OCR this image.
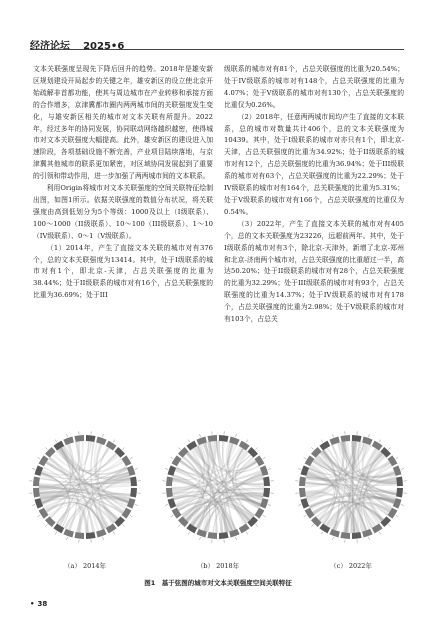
经济论坛 2025•6

文本关联强度呈现先下降后回升的趋势。2018年是雄安新区规划建设开局起步的关键之年，雄安新区的设立使北京开始疏解非首都功能，使其与周边城市在产业转移和承接方面的合作增多，京津冀都市圈内两两城市间的关联强度发生变化，与雄安新区相关的城市对文本关联有所提升。2022年，经过多年的协同发展，协同联动网络越织越密，使得城市对文本关联强度大幅提高。此外，雄安新区的建设进入加速阶段，各项基础设施不断完善，产业项目陆续落地，与京津冀其他城市的联系更加紧密，对区域协同发展起到了重要的引领和带动作用，进一步加强了两两城市间的文本联系。

利用Origin将城市对文本关联强度的空间关联特征绘制出图，如图1所示。依据关联强度的数值分布状况，将关联强度由高到低划分为5个等级：1000及以上（I级联系）、100～1000（II级联系）、10～100（III级联系）、1～10（IV级联系）、0～1（V级联系）。

（1）2014年，产生了直接文本关联的城市对有376个，总的文本关联强度为13414。其中，处于I级联系的城市对有1个，即北京-天津，占总关联强度的比重为38.44%；处于II级联系的城市对有16个，占总关联强度的比重为36.69%；处于III

级联系的城市对有81个，占总关联强度的比重为20.54%；处于IV级联系的城市对有148个，占总关联强度的比重为4.07%；处于V级联系的城市对有130个，占总关联强度的比重仅为0.26%。

（2）2018年，任意两两城市间均产生了直接的文本联系，总的城市对数量共计406个，总的文本关联强度为10439。其中，处于I级联系的城市对亦只有1个，即北京-天津，占总关联强度的比重为34.92%；处于II级联系的城市对有12个，占总关联强度的比重为36.94%；处于III级联系的城市对有63个，占总关联强度的比重为22.29%；处于IV级联系的城市对有164个，总关联强度的比重为5.31%；处于V级联系的城市对有166个，占总关联强度的比重仅为0.54%。

（3）2022年，产生了直接文本关联的城市对有405个，总的文本关联强度为23226，远超前两年。其中，处于I级联系的城市对有3个，除北京-天津外，新增了北京-郑州和北京-济南两个城市对，占总关联强度的比重超过一半，高达50.20%；处于II级联系的城市对有28个，占总关联强度的比重为32.29%；处于III级联系的城市对有93个，占总关联强度的比重为14.37%；处于IV级联系的城市对有178个，占总关联强度的比重为2.98%；处于V级联系的城市对有103个，占总关

（a） 2014年	（b） 2018年	（c） 2022年
图1　基于弦图的城市对文本关联强度空间关联特征
• 38
